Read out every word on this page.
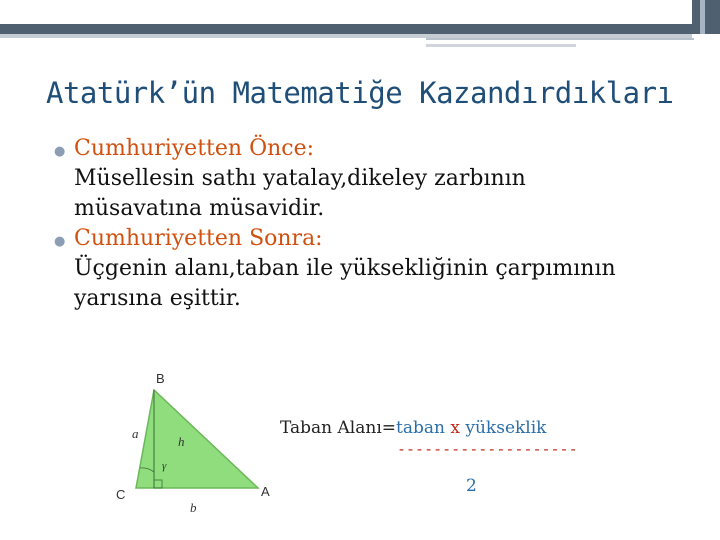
Atatürk’ün Matematiğe Kazandırdıkları
● Cumhuriyetten Önce:
Müsellesin sathı yatalay,dikeley zarbının
müsavatına müsavidir.
● Cumhuriyetten Sonra:
Üçgenin alanı,taban ile yüksekliğinin çarpımının
yarısına eşittir.
B
C	A
a
b
h
γ
Taban Alanı=taban x yükseklik
--------------------
2
